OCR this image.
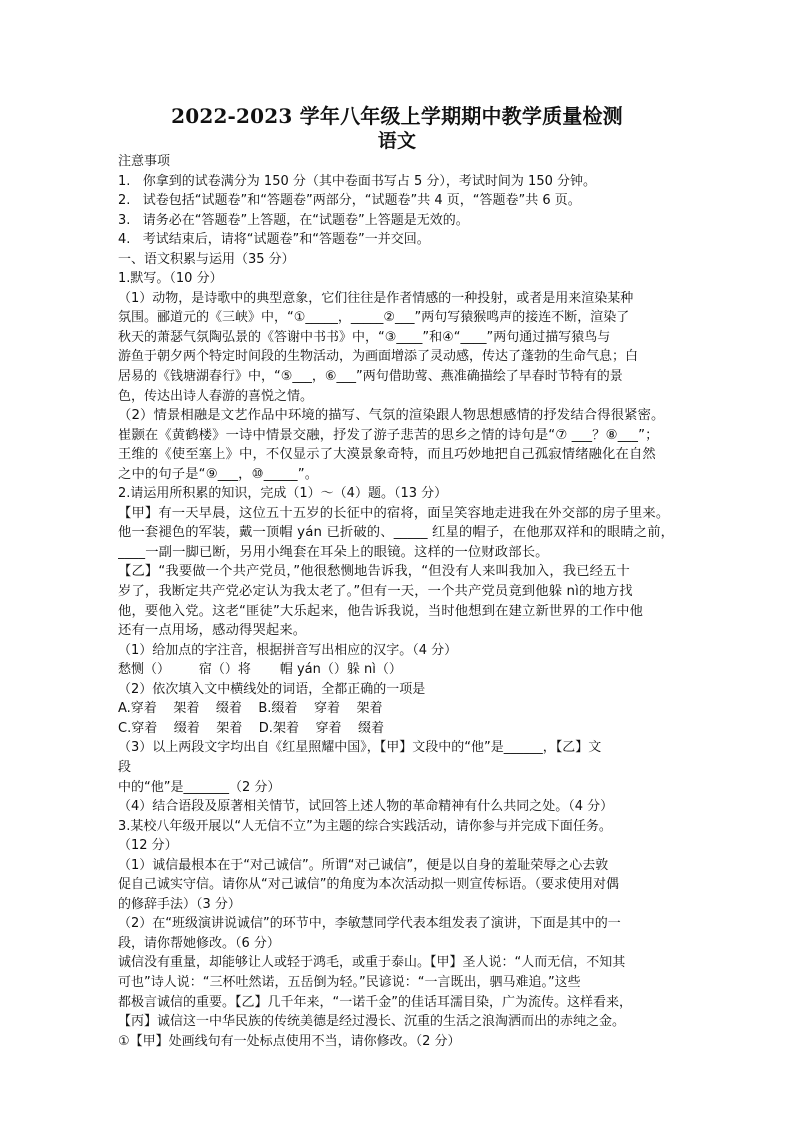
2022-2023 学年八年级上学期期中教学质量检测
语文
注意事项
1.   你拿到的试卷满分为 150 分（其中卷面书写占 5 分），考试时间为 150 分钟。
2.   试卷包括“试题卷”和“答题卷”两部分，“试题卷”共 4 页，“答题卷”共 6 页。
3.   请务必在“答题卷”上答题，在“试题卷”上答题是无效的。
4.   考试结束后，请将“试题卷”和“答题卷”一并交回。
一、语文积累与运用（35 分）
1.默写。（10 分）
（1）动物，是诗歌中的典型意象，它们往往是作者情感的一种投射，或者是用来渲染某种
氛围。郦道元的《三峡》中，“①_____，_____②___”两句写猿猴鸣声的接连不断，渲染了
秋天的萧瑟气氛陶弘景的《答谢中书书》中，“③____”和④“____”两句通过描写猿鸟与
游鱼于朝夕两个特定时间段的生物活动，为画面增添了灵动感，传达了蓬勃的生命气息；白
居易的《钱塘湖春行》中，“⑤___，⑥___”两句借助莺、燕准确描绘了早春时节特有的景
色，传达出诗人春游的喜悦之情。
（2）情景相融是文艺作品中环境的描写、气氛的渲染跟人物思想感情的抒发结合得很紧密。
崔颢在《黄鹤楼》一诗中情景交融，抒发了游子悲苦的思乡之情的诗句是“⑦ ___？⑧___”；
王维的《使至塞上》中，不仅显示了大漠景象奇特，而且巧妙地把自己孤寂情绪融化在自然
之中的句子是“⑨___，⑩_____”。
2.请运用所积累的知识，完成（1）～（4）题。（13 分）
【甲】有一天早晨，这位五十五岁的长征中的宿将，面呈笑容地走进我在外交部的房子里来。
他一套褪色的军装，戴一顶帽 yán 已折破的、_____ 红星的帽子，在他那双祥和的眼睛之前，
____一副一脚已断，另用小绳套在耳朵上的眼镜。这样的一位财政部长。
【乙】“我要做一个共产党员，”他很愁恻地告诉我，“但没有人来叫我加入，我已经五十
岁了，我断定共产党必定认为我太老了。”但有一天，一个共产党员竟到他躲 nì的地方找
他，要他入党。这老“匪徒”大乐起来，他告诉我说，当时他想到在建立新世界的工作中他
还有一点用场，感动得哭起来。
（1）给加点的字注音，根据拼音写出相应的汉字。（4 分）
愁恻（）       宿（）将       帽 yán（）躲 nì（）
（2）依次填入文中横线处的词语，全都正确的一项是
A.穿着    架着    缀着    B.缀着    穿着    架着
C.穿着    缀着    架着    D.架着    穿着    缀着
（3）以上两段文字均出自《红星照耀中国》，【甲】文段中的“他”是______，【乙】文
段
中的“他”是_______（2 分）
（4）结合语段及原著相关情节，试回答上述人物的革命精神有什么共同之处。（4 分）
3.某校八年级开展以“人无信不立”为主题的综合实践活动，请你参与并完成下面任务。
（12 分）
（1）诚信最根本在于“对己诚信”。所谓“对己诚信”，便是以自身的羞耻荣辱之心去敦
促自己诚实守信。请你从“对己诚信”的角度为本次活动拟一则宣传标语。（要求使用对偶
的修辞手法）（3 分）
（2）在“班级演讲说诚信”的环节中，李敏慧同学代表本组发表了演讲，下面是其中的一
段，请你帮她修改。（6 分）
诚信没有重量，却能够让人或轻于鸿毛，或重于泰山。【甲】圣人说：“人而无信，不知其
可也”诗人说：“三杯吐然诺，五岳倒为轻。”民谚说：“一言既出，驷马难追。”这些
都极言诚信的重要。【乙】几千年来，“一诺千金”的佳话耳濡目染，广为流传。这样看来，
【丙】诚信这一中华民族的传统美德是经过漫长、沉重的生活之浪淘洒而出的赤纯之金。
①【甲】处画线句有一处标点使用不当，请你修改。（2 分）
